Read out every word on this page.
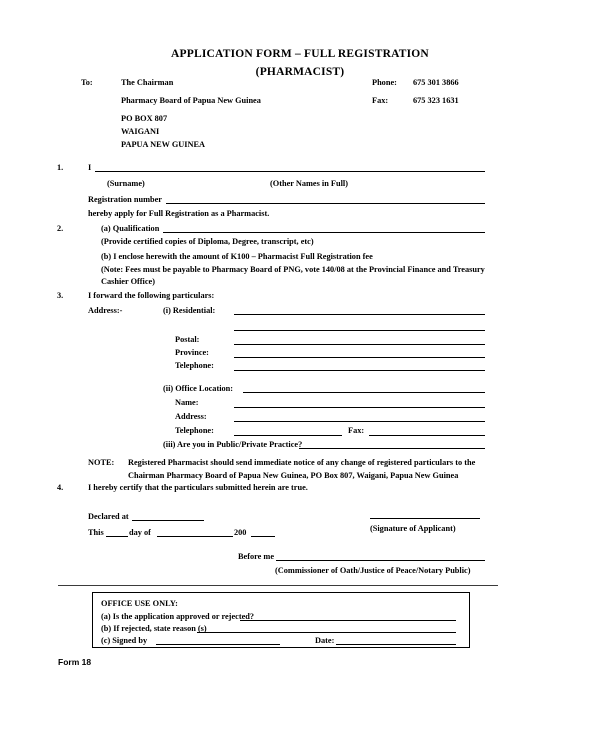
APPLICATION FORM – FULL REGISTRATION
(PHARMACIST)
To:	The Chairman
Pharmacy Board of Papua New Guinea
PO BOX 807
WAIGANI
PAPUA NEW GUINEA
Phone: 675 301 3866
Fax:	675 323 1631
1.	I
(Surname)	(Other Names in Full)
Registration number
hereby apply for Full Registration as a Pharmacist.
2.	(a) Qualification
(Provide certified copies of Diploma, Degree, transcript, etc)
(b) I enclose herewith the amount of K100 – Pharmacist Full Registration fee
(Note: Fees must be payable to Pharmacy Board of PNG, vote 140/08 at the Provincial Finance and Treasury
Cashier Office)
3.	I forward the following particulars:
Address:-	(i) Residential:
Postal:
Province:
Telephone:
(ii) Office Location:
Name:
Address:
Telephone:	Fax:
(iii) Are you in Public/Private Practice?
NOTE: Registered Pharmacist should send immediate notice of any change of registered particulars to the
Chairman Pharmacy Board of Papua New Guinea, PO Box 807, Waigani, Papua New Guinea
4.	I hereby certify that the particulars submitted herein are true.
Declared at
This	day of	200	(Signature of Applicant)
Before me
(Commissioner of Oath/Justice of Peace/Notary Public)
OFFICE USE ONLY:
(a) Is the application approved or rejected?
(b) If rejected, state reason (s)
(c) Signed by	Date:
Form 18
